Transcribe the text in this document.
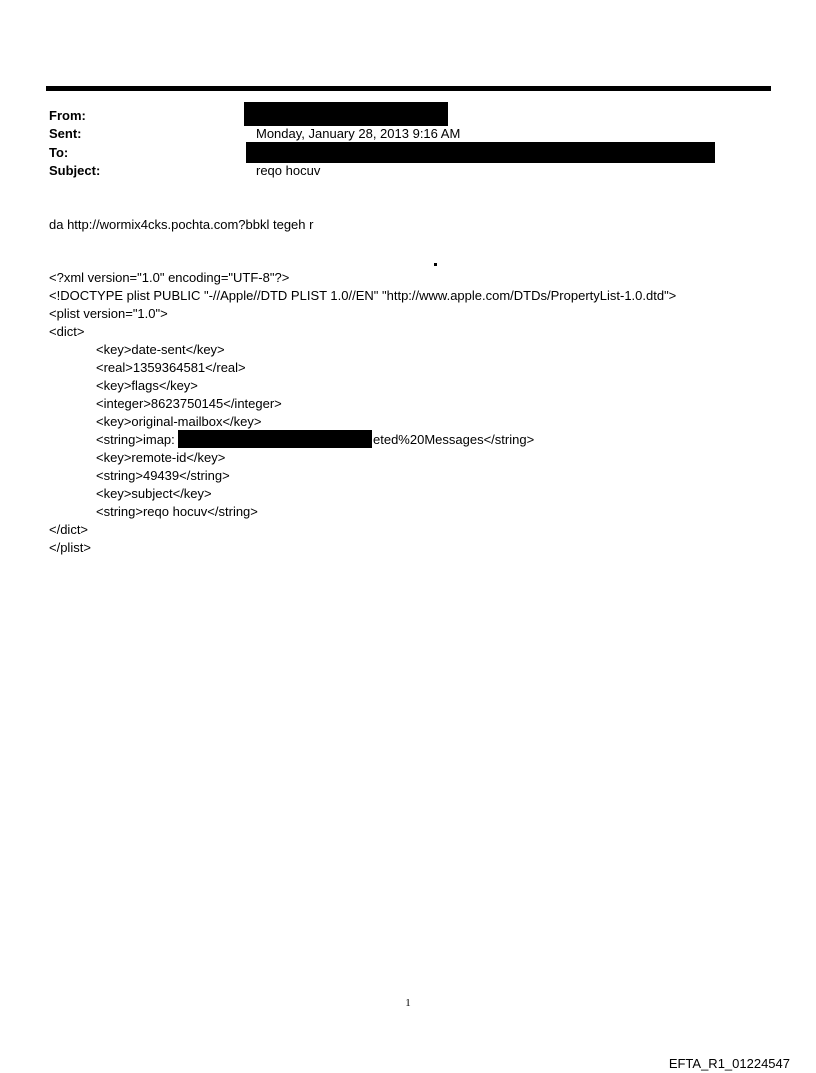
From:
Sent:	Monday, January 28, 2013 9:16 AM
To:
Subject:	reqo hocuv
da http://wormix4cks.pochta.com?bbkl tegeh r
<?xml version="1.0" encoding="UTF-8"?>
<!DOCTYPE plist PUBLIC "-//Apple//DTD PLIST 1.0//EN" "http://www.apple.com/DTDs/PropertyList-1.0.dtd">
<plist version="1.0">
<dict>
<key>date-sent</key>
<real>1359364581</real>
<key>flags</key>
<integer>8623750145</integer>
<key>original-mailbox</key>
<string>imap:	eted%20Messages</string>
<key>remote-id</key>
<string>49439</string>
<key>subject</key>
<string>reqo hocuv</string>
</dict>
</plist>
1
EFTA_R1_01224547
